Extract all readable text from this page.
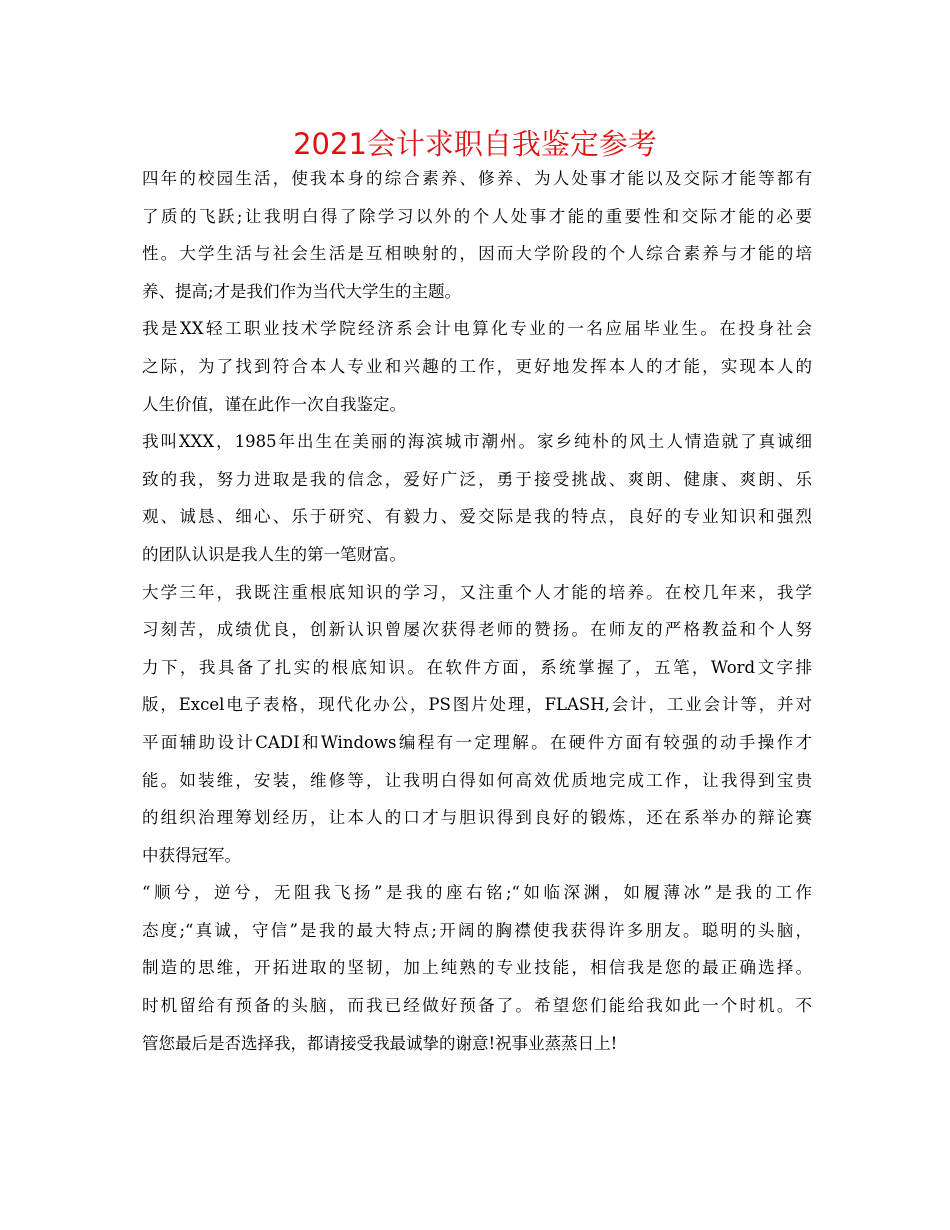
2021会计求职自我鉴定参考

四年的校园生活，使我本身的综合素养、修养、为人处事才能以及交际才能等都有
了质的飞跃;让我明白得了除学习以外的个人处事才能的重要性和交际才能的必要
性。大学生活与社会生活是互相映射的，因而大学阶段的个人综合素养与才能的培
养、提高;才是我们作为当代大学生的主题。

我是XX轻工职业技术学院经济系会计电算化专业的一名应届毕业生。在投身社会
之际，为了找到符合本人专业和兴趣的工作，更好地发挥本人的才能，实现本人的
人生价值，谨在此作一次自我鉴定。

我叫XXX，1985年出生在美丽的海滨城市潮州。家乡纯朴的风土人情造就了真诚细
致的我，努力进取是我的信念，爱好广泛，勇于接受挑战、爽朗、健康、爽朗、乐
观、诚恳、细心、乐于研究、有毅力、爱交际是我的特点，良好的专业知识和强烈
的团队认识是我人生的第一笔财富。

大学三年，我既注重根底知识的学习，又注重个人才能的培养。在校几年来，我学
习刻苦，成绩优良，创新认识曾屡次获得老师的赞扬。在师友的严格教益和个人努
力下，我具备了扎实的根底知识。在软件方面，系统掌握了，五笔，Word文字排
版，Excel电子表格，现代化办公，PS图片处理，FLASH,会计，工业会计等，并对
平面辅助设计CADI和Windows编程有一定理解。在硬件方面有较强的动手操作才
能。如装维，安装，维修等，让我明白得如何高效优质地完成工作，让我得到宝贵
的组织治理筹划经历，让本人的口才与胆识得到良好的锻炼，还在系举办的辩论赛
中获得冠军。

“顺兮，逆兮，无阻我飞扬”是我的座右铭;“如临深渊，如履薄冰”是我的工作
态度;“真诚，守信”是我的最大特点;开阔的胸襟使我获得许多朋友。聪明的头脑，
制造的思维，开拓进取的坚韧，加上纯熟的专业技能，相信我是您的最正确选择。
时机留给有预备的头脑，而我已经做好预备了。希望您们能给我如此一个时机。不
管您最后是否选择我，都请接受我最诚挚的谢意!祝事业蒸蒸日上!
